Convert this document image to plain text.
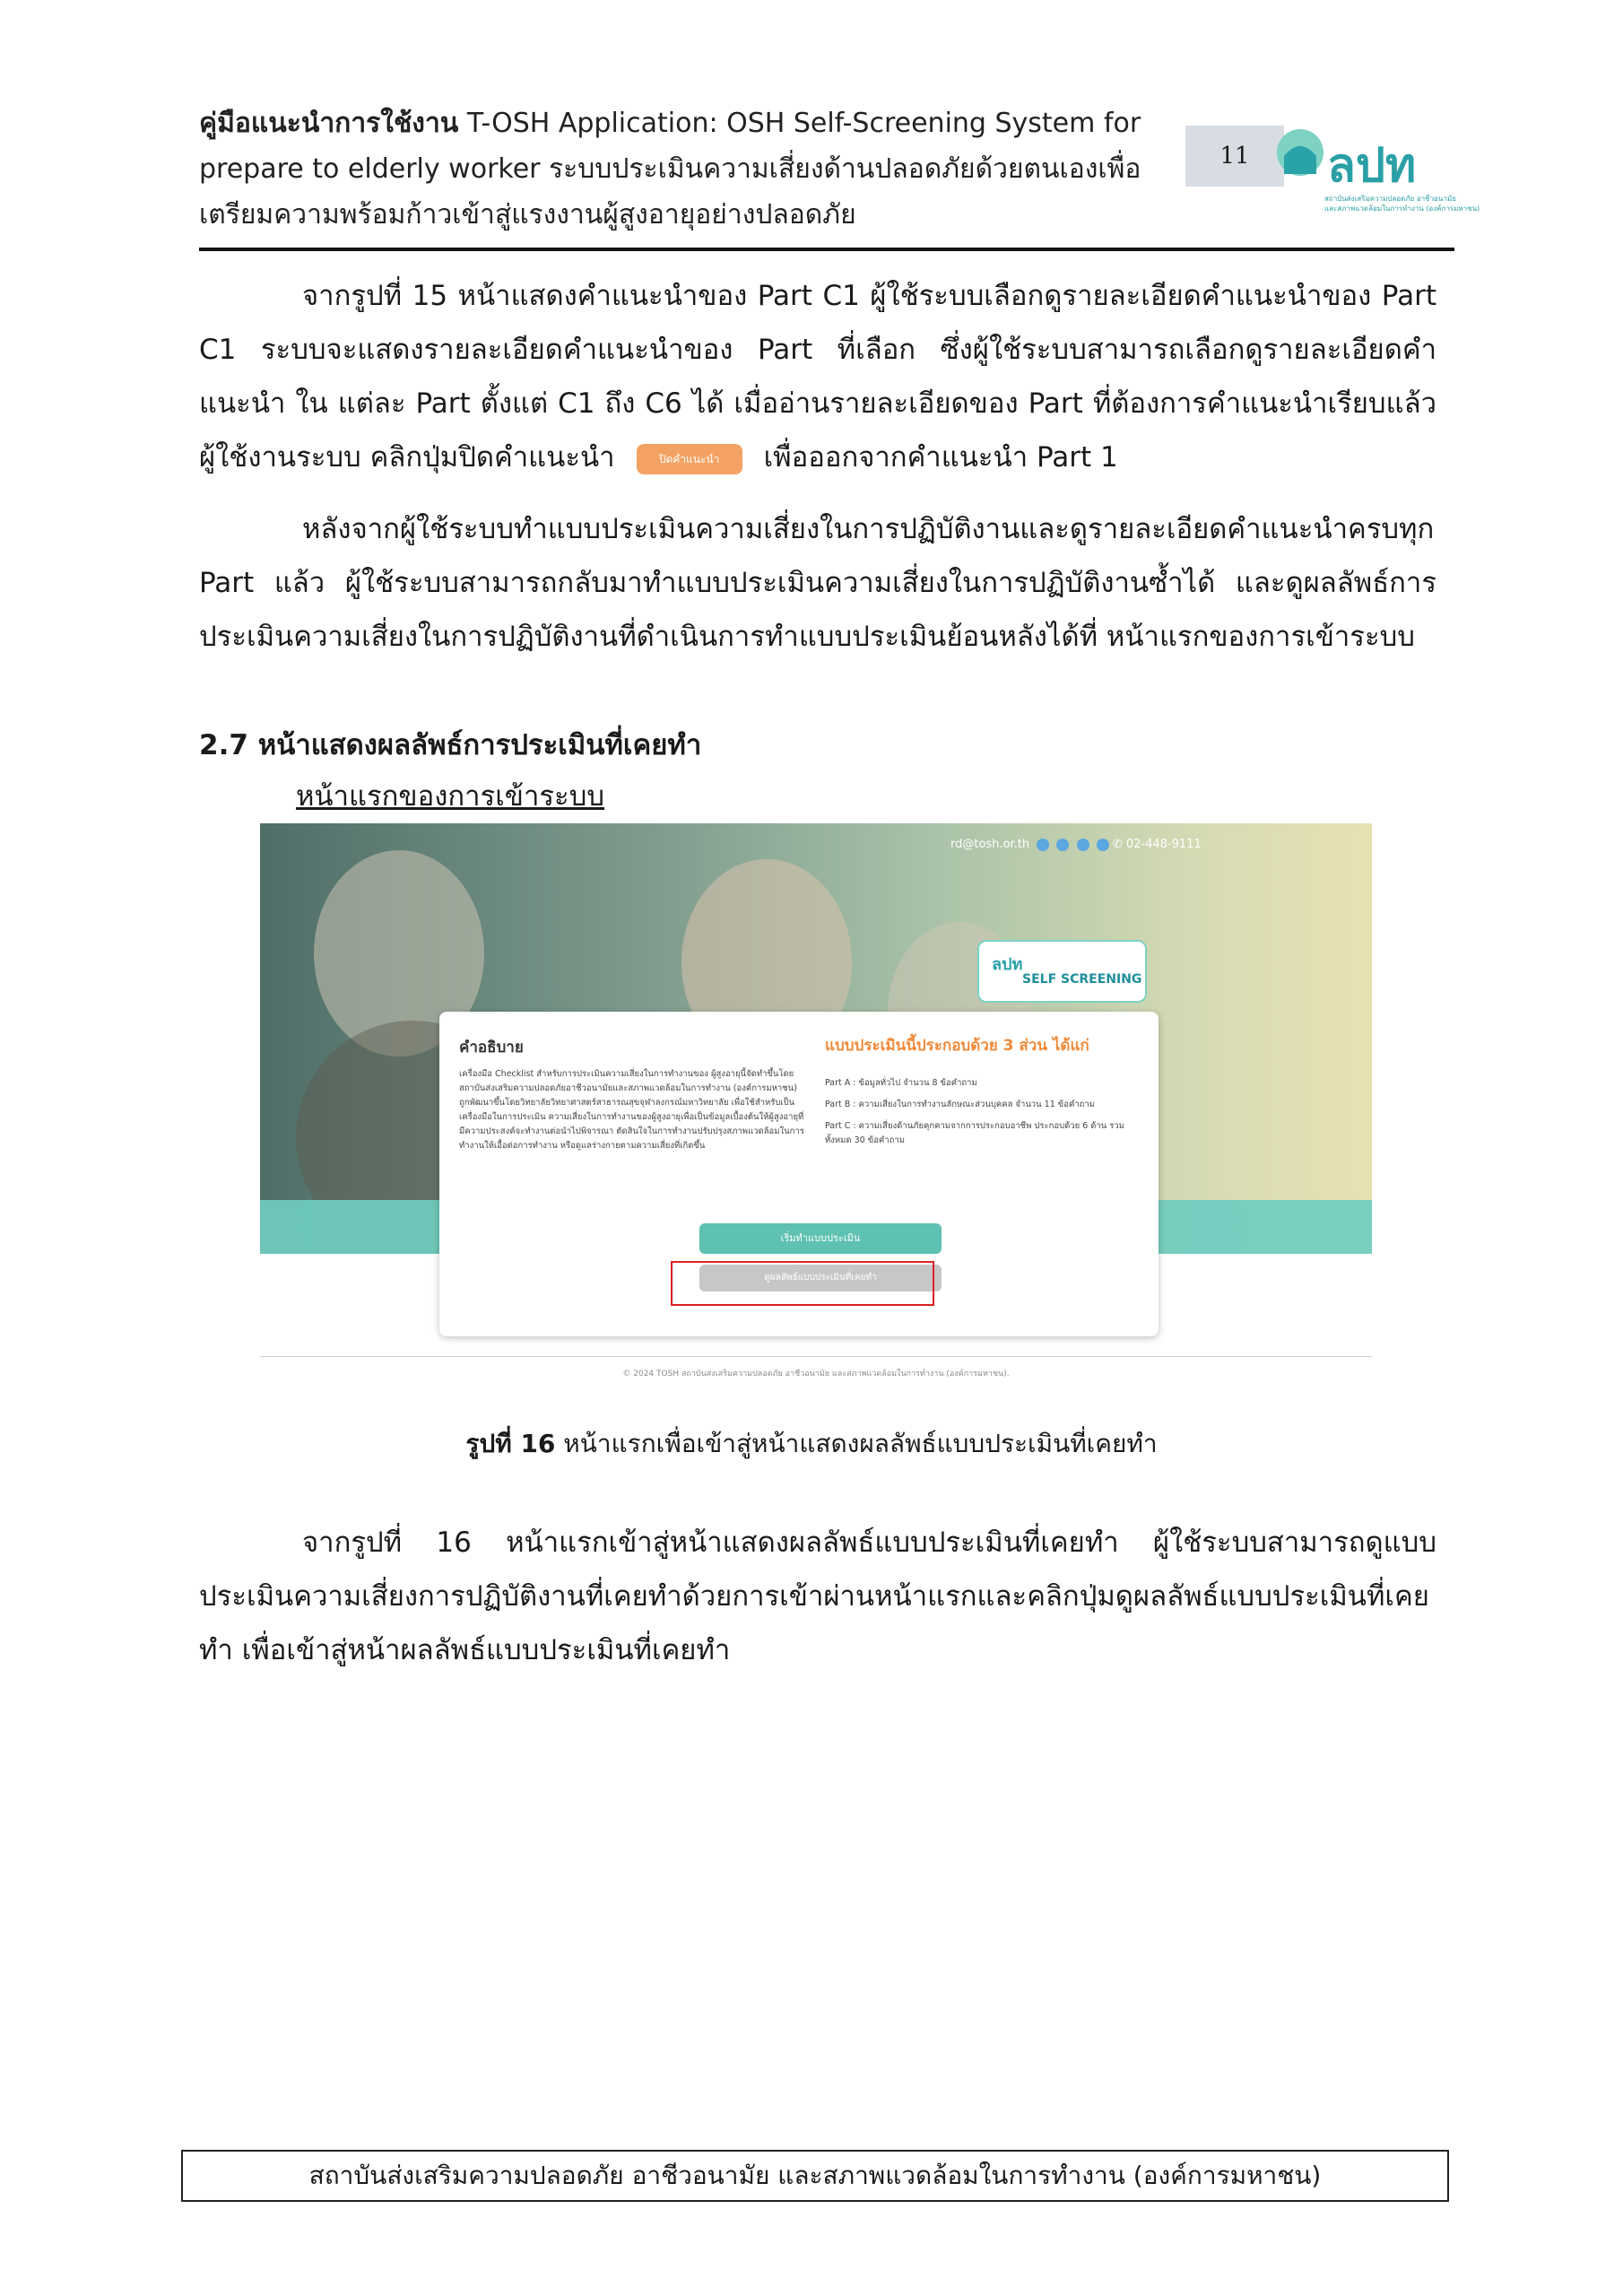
คู่มือแนะนำการใช้งาน T-OSH Application: OSH Self-Screening System for
prepare to elderly worker ระบบประเมินความเสี่ยงด้านปลอดภัยด้วยตนเองเพื่อ
เตรียมความพร้อมก้าวเข้าสู่แรงงานผู้สูงอายุอย่างปลอดภัย
11	ลปท
สถาบันส่งเสริมความปลอดภัย อาชีวอนามัย
และสภาพแวดล้อมในการทำงาน (องค์การมหาชน)
จากรูปที่ 15 หน้าแสดงคำแนะนำของ Part C1 ผู้ใช้ระบบเลือกดูรายละเอียดคำแนะนำของ Part C1 ระบบจะแสดงรายละเอียดคำแนะนำของ Part ที่เลือก ซึ่งผู้ใช้ระบบสามารถเลือกดูรายละเอียดคำแนะนำ ใน แต่ละ Part ตั้งแต่ C1 ถึง C6 ได้ เมื่ออ่านรายละเอียดของ Part ที่ต้องการคำแนะนำเรียบแล้ว ผู้ใช้งานระบบ คลิกปุ่มปิดคำแนะนำ	ปิดคำแนะนำ เพื่อออกจากคำแนะนำ Part 1
หลังจากผู้ใช้ระบบทำแบบประเมินความเสี่ยงในการปฏิบัติงานและดูรายละเอียดคำแนะนำครบทุก Part แล้ว ผู้ใช้ระบบสามารถกลับมาทำแบบประเมินความเสี่ยงในการปฏิบัติงานซ้ำได้ และดูผลลัพธ์การประเมินความเสี่ยงในการปฏิบัติงานที่ดำเนินการทำแบบประเมินย้อนหลังได้ที่ หน้าแรกของการเข้าระบบ
2.7 หน้าแสดงผลลัพธ์การประเมินที่เคยทำ
หน้าแรกของการเข้าระบบ
rd@tosh.or.th	✆ 02-448-9111
ลปท
SELF SCREENING
คำอธิบาย
เครื่องมือ Checklist สำหรับการประเมินความเสี่ยงในการทำงานของ ผู้สูงอายุนี้จัดทำขึ้นโดยสถาบันส่งเสริมความปลอดภัยอาชีวอนามัยและสภาพแวดล้อมในการทำงาน (องค์การมหาชน) ถูกพัฒนาขึ้นโดยวิทยาลัยวิทยาศาสตร์สาธารณสุขจุฬาลงกรณ์มหาวิทยาลัย เพื่อใช้สำหรับเป็นเครื่องมือในการประเมิน ความเสี่ยงในการทำงานของผู้สูงอายุเพื่อเป็นข้อมูลเบื้องต้นให้ผู้สูงอายุที่มีความประสงค์จะทำงานต่อนำไปพิจารณา ตัดสินใจในการทำงานปรับปรุงสภาพแวดล้อมในการทำงานให้เอื้อต่อการทำงาน หรือดูแลร่างกายตามความเสี่ยงที่เกิดขึ้น
แบบประเมินนี้ประกอบด้วย 3 ส่วน ได้แก่

Part A : ข้อมูลทั่วไป จำนวน 8 ข้อคำถาม

Part B : ความเสี่ยงในการทำงานลักษณะส่วนบุคคล จำนวน 11 ข้อคำถาม

Part C : ความเสี่ยงด้านภัยคุกคามจากการประกอบอาชีพ ประกอบด้วย 6 ด้าน รวมทั้งหมด 30 ข้อคำถาม

เริ่มทำแบบประเมิน
ดูผลลัพธ์แบบประเมินที่เคยทำ
© 2024 TOSH สถาบันส่งเสริมความปลอดภัย อาชีวอนามัย และสภาพแวดล้อมในการทำงาน (องค์การมหาชน).
รูปที่ 16 หน้าแรกเพื่อเข้าสู่หน้าแสดงผลลัพธ์แบบประเมินที่เคยทำ
จากรูปที่ 16 หน้าแรกเข้าสู่หน้าแสดงผลลัพธ์แบบประเมินที่เคยทำ ผู้ใช้ระบบสามารถดูแบบประเมินความเสี่ยงการปฏิบัติงานที่เคยทำด้วยการเข้าผ่านหน้าแรกและคลิกปุ่มดูผลลัพธ์แบบประเมินที่เคยทำ เพื่อเข้าสู่หน้าผลลัพธ์แบบประเมินที่เคยทำ
สถาบันส่งเสริมความปลอดภัย อาชีวอนามัย และสภาพแวดล้อมในการทำงาน (องค์การมหาชน)
